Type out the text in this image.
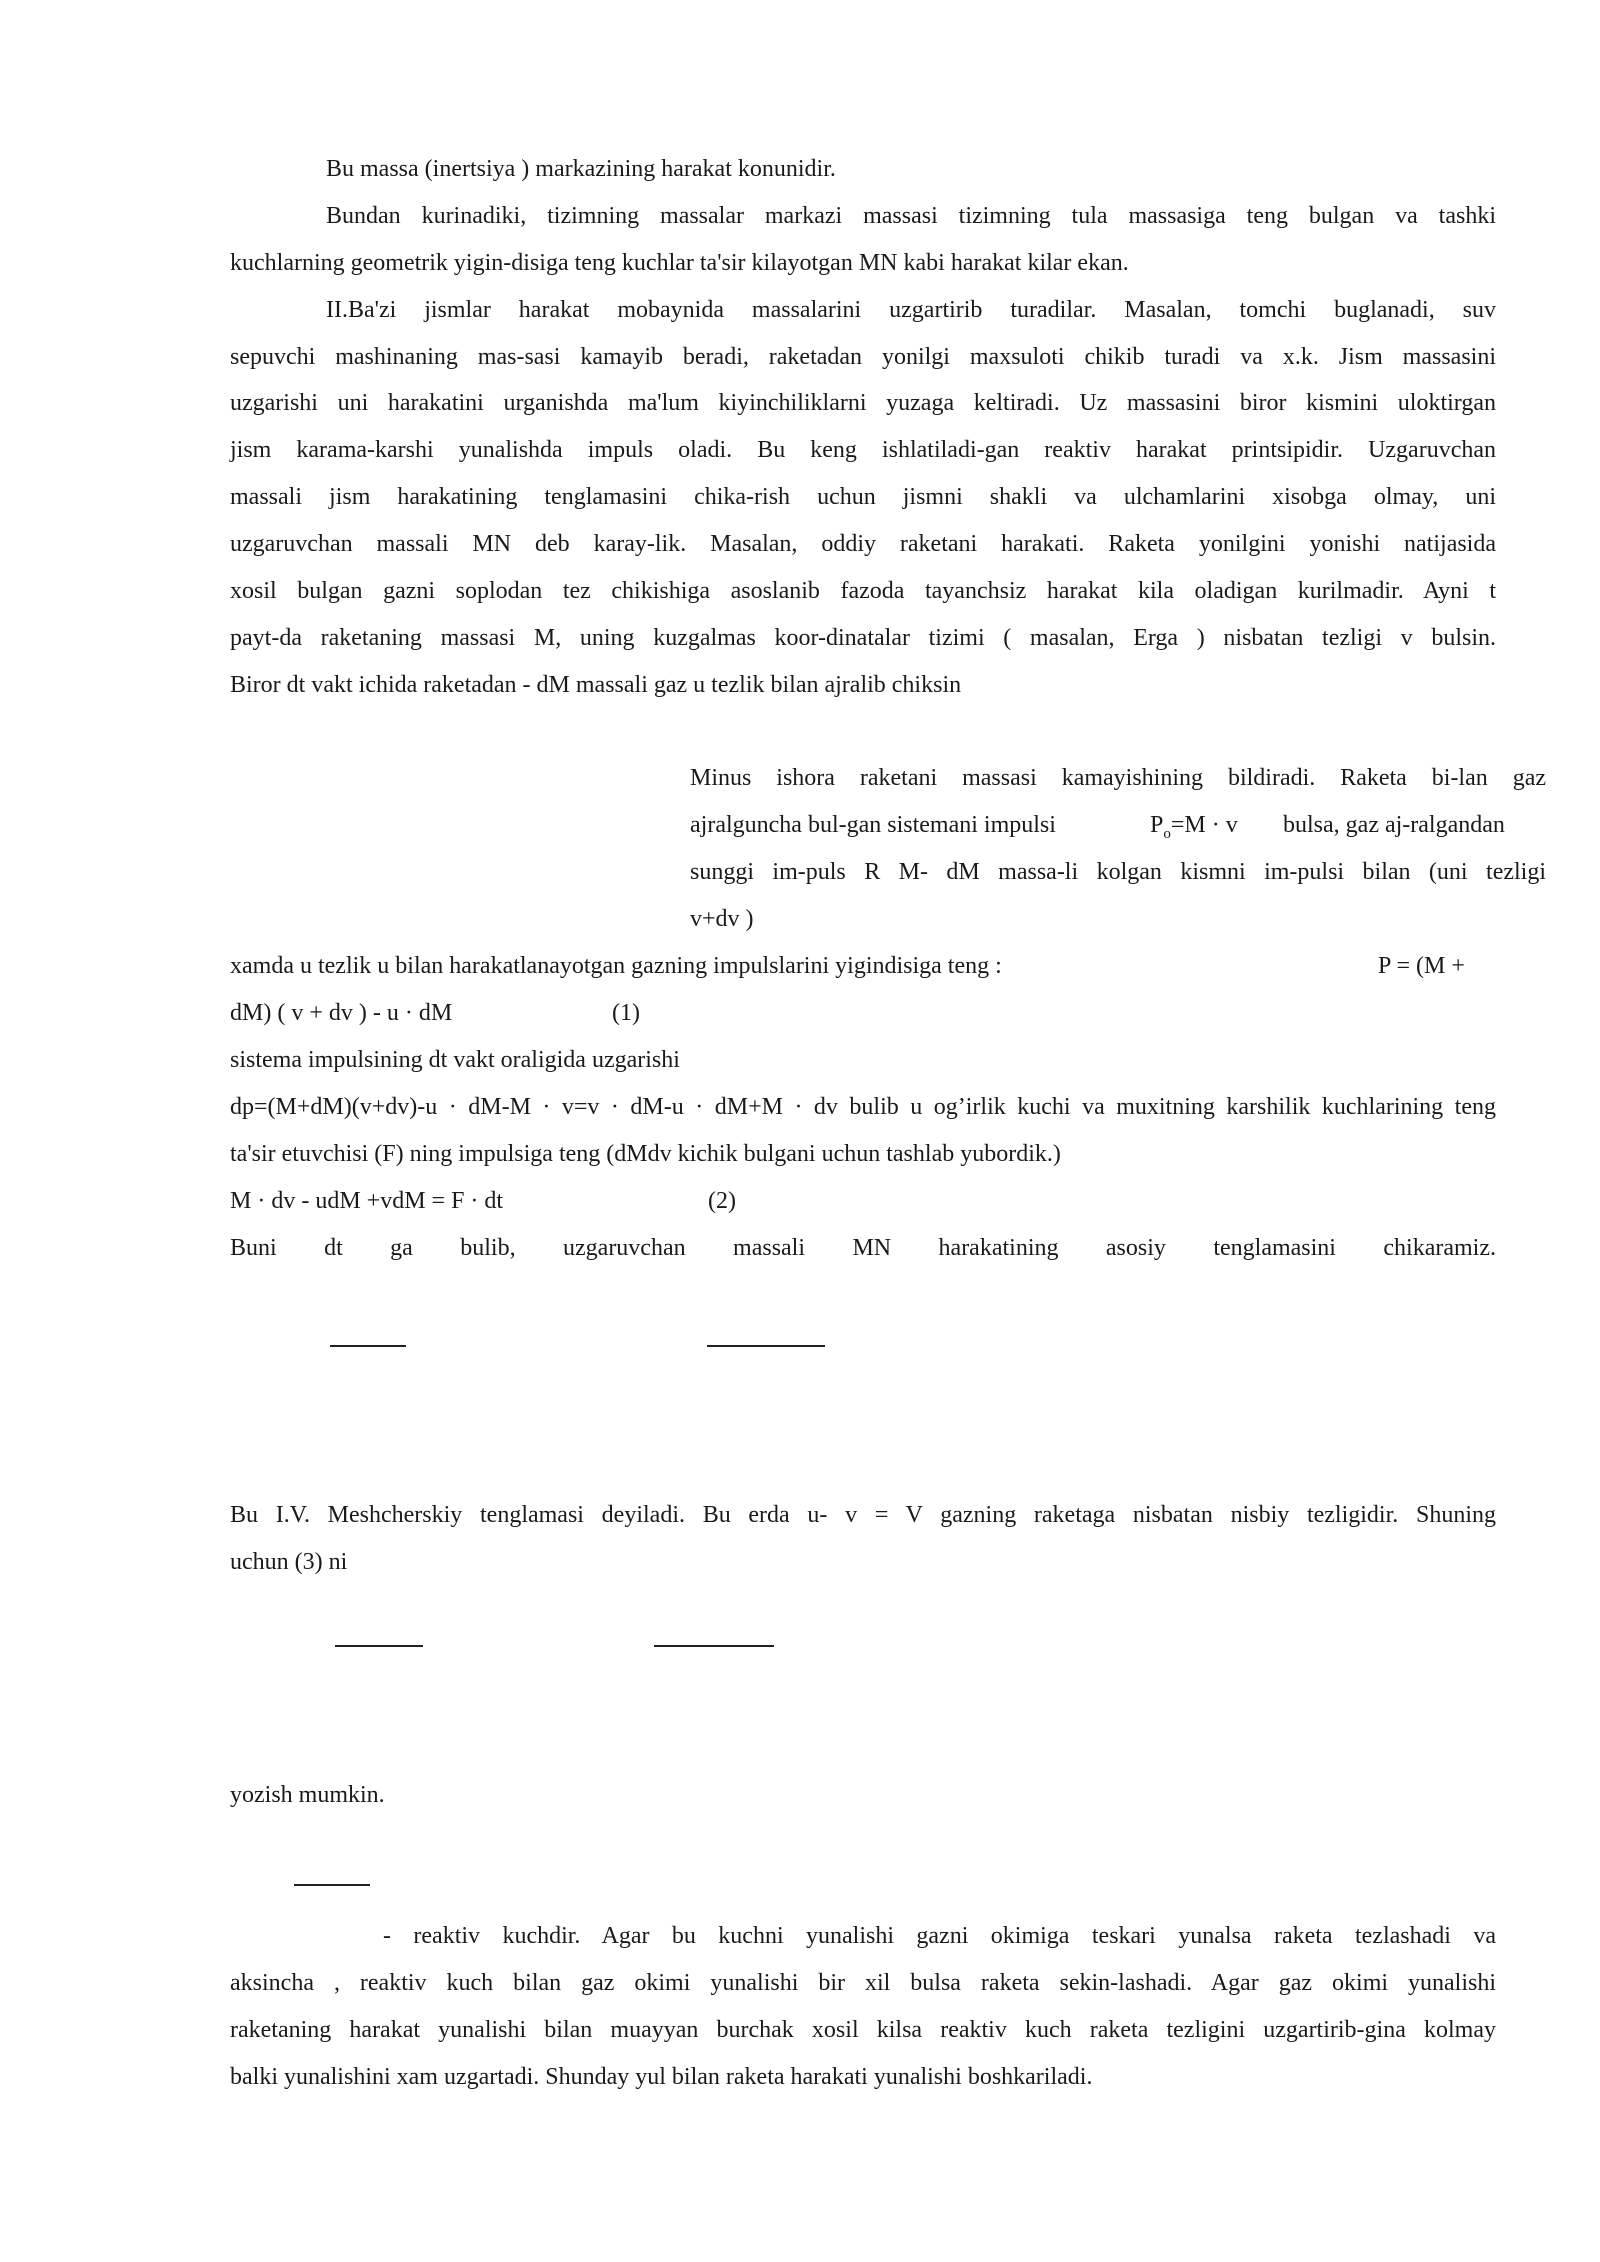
Bu massa (inertsiya ) markazining harakat konunidir.
Bundan kurinadiki, tizimning massalar markazi massasi tizimning tula massasiga teng bulgan va tashki
kuchlarning geometrik yigin-disiga teng kuchlar ta'sir kilayotgan MN kabi harakat kilar ekan.
II.Ba'zi jismlar harakat mobaynida massalarini uzgartirib turadilar. Masalan, tomchi buglanadi, suv
sepuvchi mashinaning mas-sasi kamayib beradi, raketadan yonilgi maxsuloti chikib turadi va x.k. Jism massasini
uzgarishi uni harakatini urganishda ma'lum kiyinchiliklarni yuzaga keltiradi. Uz massasini biror kismini uloktirgan
jism karama-karshi yunalishda impuls oladi. Bu keng ishlatiladi-gan reaktiv harakat printsipidir. Uzgaruvchan
massali jism harakatining tenglamasini chika-rish uchun jismni shakli va ulchamlarini xisobga olmay, uni
uzgaruvchan massali MN deb karay-lik. Masalan, oddiy raketani harakati. Raketa yonilgini yonishi natijasida
xosil bulgan gazni soplodan tez chikishiga asoslanib fazoda tayanchsiz harakat kila oladigan kurilmadir. Ayni t
payt-da raketaning massasi M, uning kuzgalmas koor-dinatalar tizimi ( masalan, Erga ) nisbatan tezligi v bulsin.
Biror dt vakt ichida raketadan - dM massali gaz u tezlik bilan ajralib chiksin
Minus ishora raketani massasi kamayishining bildiradi. Raketa bi-lan gaz
ajralguncha bul-gan sistemani impulsi	$P_o=M \cdot v$ bulsa, gaz aj-ralgandan
sunggi im-puls R M- dM massa-li kolgan kismni im-pulsi bilan (uni tezligi
v+dv )
xamda u tezlik u bilan harakatlanayotgan gazning impulslarini yigindisiga teng :	P = (M +
dM) ( v + dv ) - u · dM	(1)
sistema impulsining dt vakt oraligida uzgarishi
dp=(M+dM)(v+dv)-u · dM-M · v=v · dM-u · dM+M · dv bulib u og’irlik kuchi va muxitning karshilik kuchlarining teng
ta'sir etuvchisi (F) ning impulsiga teng (dMdv kichik bulgani uchun tashlab yubordik.)
M · dv - udM +vdM = F · dt	(2)
Buni dt ga bulib, uzgaruvchan massali MN harakatining asosiy tenglamasini chikaramiz.
Bu I.V. Meshcherskiy tenglamasi deyiladi. Bu erda u- v = V gazning raketaga nisbatan nisbiy tezligidir. Shuning
uchun (3) ni
yozish mumkin.
- reaktiv kuchdir. Agar bu kuchni yunalishi gazni okimiga teskari yunalsa raketa tezlashadi va
aksincha , reaktiv kuch bilan gaz okimi yunalishi bir xil bulsa raketa sekin-lashadi. Agar gaz okimi yunalishi
raketaning harakat yunalishi bilan muayyan burchak xosil kilsa reaktiv kuch raketa tezligini uzgartirib-gina kolmay
balki yunalishini xam uzgartadi. Shunday yul bilan raketa harakati yunalishi boshkariladi.
